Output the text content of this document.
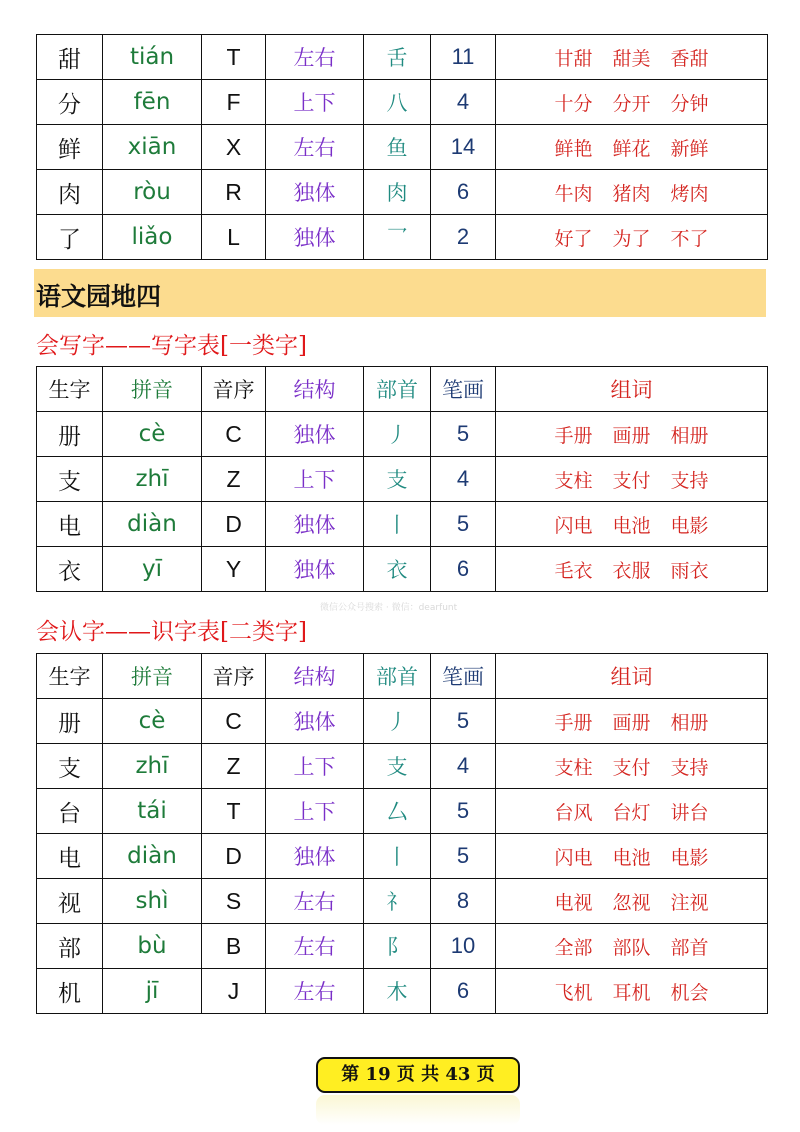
甜	tián	T	左右	舌	11	甘甜 甜美 香甜
分	fēn	F	上下	八	4	十分 分开 分钟
鲜	xiān	X	左右	鱼	14	鲜艳 鲜花 新鲜
肉	ròu	R	独体	肉	6	牛肉 猪肉 烤肉
了	liǎo	L	独体	乛	2	好了 为了 不了
语文园地四
会写字——写字表[一类字]
生字	拼音	音序	结构	部首	笔画	组词
册	cè	C	独体	丿	5	手册 画册 相册
支	zhī	Z	上下	支	4	支柱 支付 支持
电	diàn	D	独体	丨	5	闪电 电池 电影
衣	yī	Y	独体	衣	6	毛衣 衣服 雨衣
微信公众号搜索 · 微信：dearfunt
会认字——识字表[二类字]
生字	拼音	音序	结构	部首	笔画	组词
册	cè	C	独体	丿	5	手册 画册 相册
支	zhī	Z	上下	支	4	支柱 支付 支持
台	tái	T	上下	厶	5	台风 台灯 讲台
电	diàn	D	独体	丨	5	闪电 电池 电影
视	shì	S	左右	礻	8	电视 忽视 注视
部	bù	B	左右	阝	10	全部 部队 部首
机	jī	J	左右	木	6	飞机 耳机 机会
第 19 页 共 43 页
